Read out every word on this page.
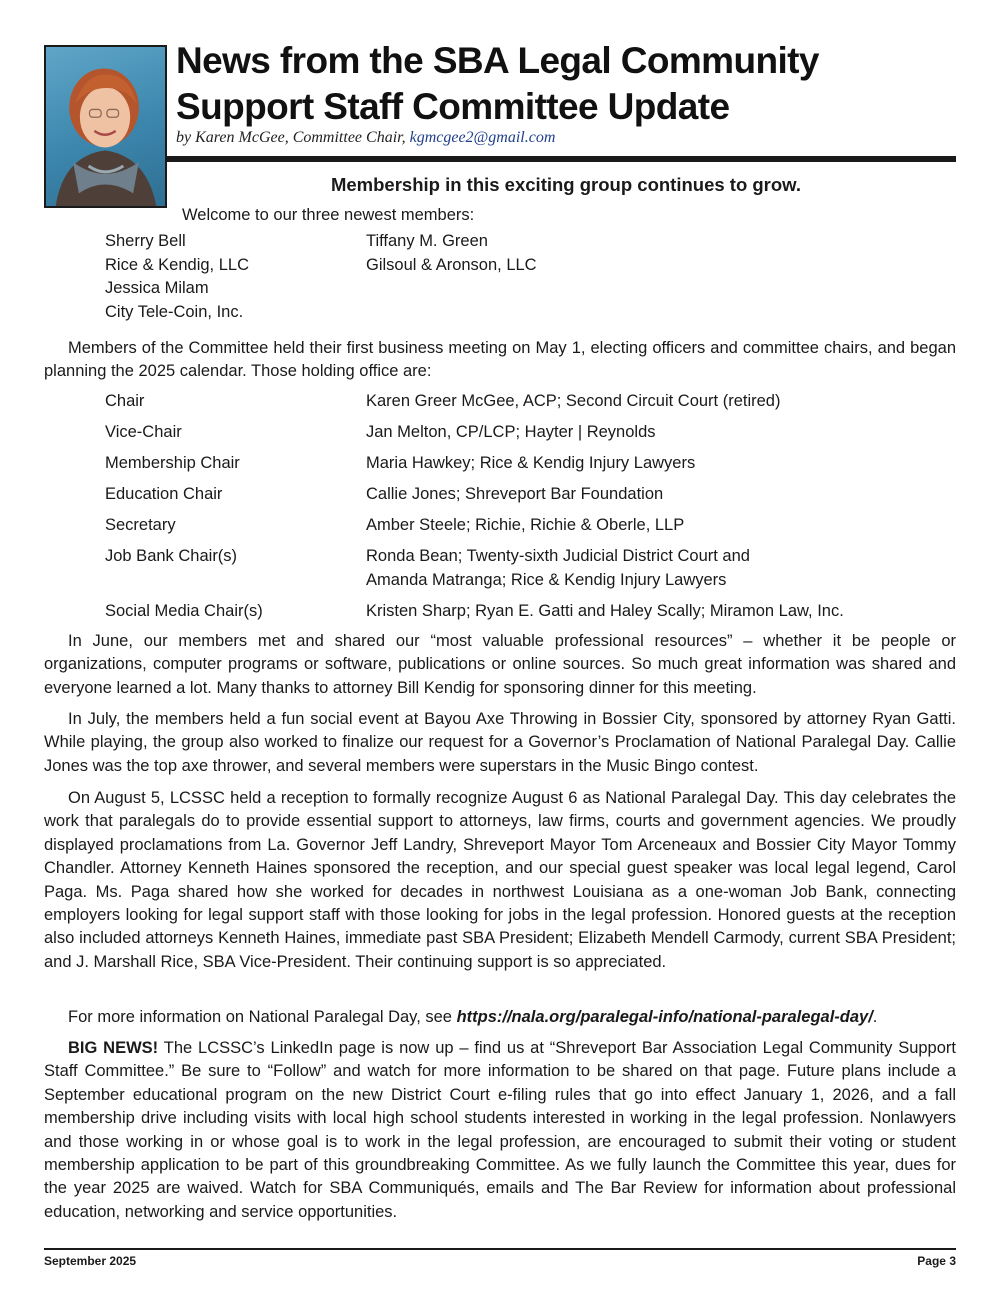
News from the SBA Legal Community
Support Staff Committee Update
by Karen McGee, Committee Chair, kgmcgee2@gmail.com
Membership in this exciting group continues to grow.
Welcome to our three newest members:
Sherry Bell	Tiffany M. Green
Rice & Kendig, LLC	Gilsoul & Aronson, LLC
Jessica Milam
City Tele-Coin, Inc.

Members of the Committee held their first business meeting on May 1, electing officers and committee chairs, and began planning the 2025 calendar. Those holding office are:

Chair	Karen Greer McGee, ACP; Second Circuit Court (retired)
Vice-Chair	Jan Melton, CP/LCP; Hayter | Reynolds
Membership Chair	Maria Hawkey; Rice & Kendig Injury Lawyers
Education Chair	Callie Jones; Shreveport Bar Foundation
Secretary	Amber Steele; Richie, Richie & Oberle, LLP
Job Bank Chair(s)	Ronda Bean; Twenty-sixth Judicial District Court and
Amanda Matranga; Rice & Kendig Injury Lawyers
Social Media Chair(s)	Kristen Sharp; Ryan E. Gatti and Haley Scally; Miramon Law, Inc.

In June, our members met and shared our “most valuable professional resources” – whether it be people or organizations, computer programs or software, publications or online sources. So much great information was shared and everyone learned a lot. Many thanks to attorney Bill Kendig for sponsoring dinner for this meeting.

In July, the members held a fun social event at Bayou Axe Throwing in Bossier City, sponsored by attorney Ryan Gatti. While playing, the group also worked to finalize our request for a Governor’s Proclamation of National Paralegal Day. Callie Jones was the top axe thrower, and several members were superstars in the Music Bingo contest.

On August 5, LCSSC held a reception to formally recognize August 6 as National Paralegal Day. This day celebrates the work that paralegals do to provide essential support to attorneys, law firms, courts and government agencies. We proudly displayed proclamations from La. Governor Jeff Landry, Shreveport Mayor Tom Arceneaux and Bossier City Mayor Tommy Chandler. Attorney Kenneth Haines sponsored the reception, and our special guest speaker was local legal legend, Carol Paga. Ms. Paga shared how she worked for decades in northwest Louisiana as a one-woman Job Bank, connecting employers looking for legal support staff with those looking for jobs in the legal profession. Honored guests at the reception also included attorneys Kenneth Haines, immediate past SBA President; Elizabeth Mendell Carmody, current SBA President; and J. Marshall Rice, SBA Vice-President. Their continuing support is so appreciated.

For more information on National Paralegal Day, see https://nala.org/paralegal-info/national-paralegal-day/.

BIG NEWS! The LCSSC’s LinkedIn page is now up – find us at “Shreveport Bar Association Legal Community Support Staff Committee.” Be sure to “Follow” and watch for more information to be shared on that page. Future plans include a September educational program on the new District Court e-filing rules that go into effect January 1, 2026, and a fall membership drive including visits with local high school students interested in working in the legal profession. Nonlawyers and those working in or whose goal is to work in the legal profession, are encouraged to submit their voting or student membership application to be part of this groundbreaking Committee. As we fully launch the Committee this year, dues for the year 2025 are waived. Watch for SBA Communiqués, emails and The Bar Review for information about professional education, networking and service opportunities.

September 2025	Page 3
